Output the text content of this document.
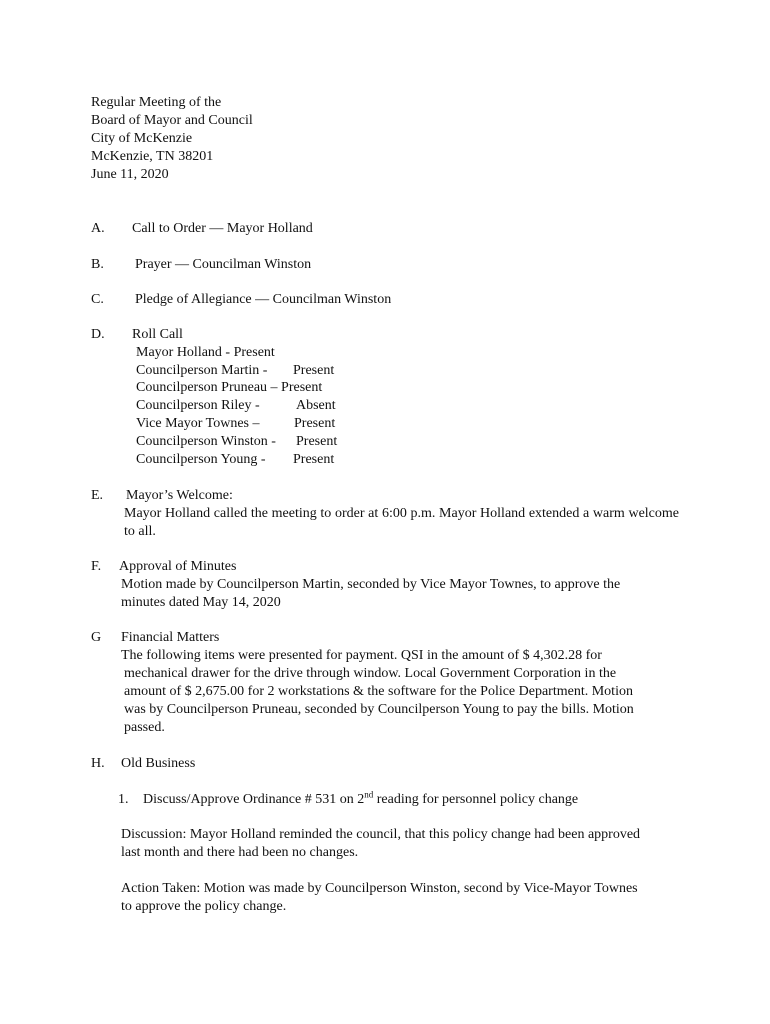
Regular Meeting of the
Board of Mayor and Council
City of McKenzie
McKenzie, TN 38201
June 11, 2020
A. Call to Order — Mayor Holland
B. Prayer — Councilman Winston
C. Pledge of Allegiance — Councilman Winston
D. Roll Call
Mayor Holland - Present
Councilperson Martin - Present
Councilperson Pruneau – Present
Councilperson Riley -	Absent
Vice Mayor Townes – Present
Councilperson Winston - Present
Councilperson Young - Present
E. Mayor’s Welcome:
Mayor Holland called the meeting to order at 6:00 p.m. Mayor Holland extended a warm welcome to all.
F. Approval of Minutes
Motion made by Councilperson Martin, seconded by Vice Mayor Townes, to approve the
minutes dated May 14, 2020
G Financial Matters
The following items were presented for payment. QSI in the amount of $ 4,302.28 for
mechanical drawer for the drive through window. Local Government Corporation in the
amount of $ 2,675.00 for 2 workstations & the software for the Police Department. Motion
was by Councilperson Pruneau, seconded by Councilperson Young to pay the bills. Motion
passed.
H. Old Business
1. Discuss/Approve Ordinance # 531 on 2nd reading for personnel policy change
Discussion: Mayor Holland reminded the council, that this policy change had been approved
last month and there had been no changes.
Action Taken: Motion was made by Councilperson Winston, second by Vice-Mayor Townes
to approve the policy change.
